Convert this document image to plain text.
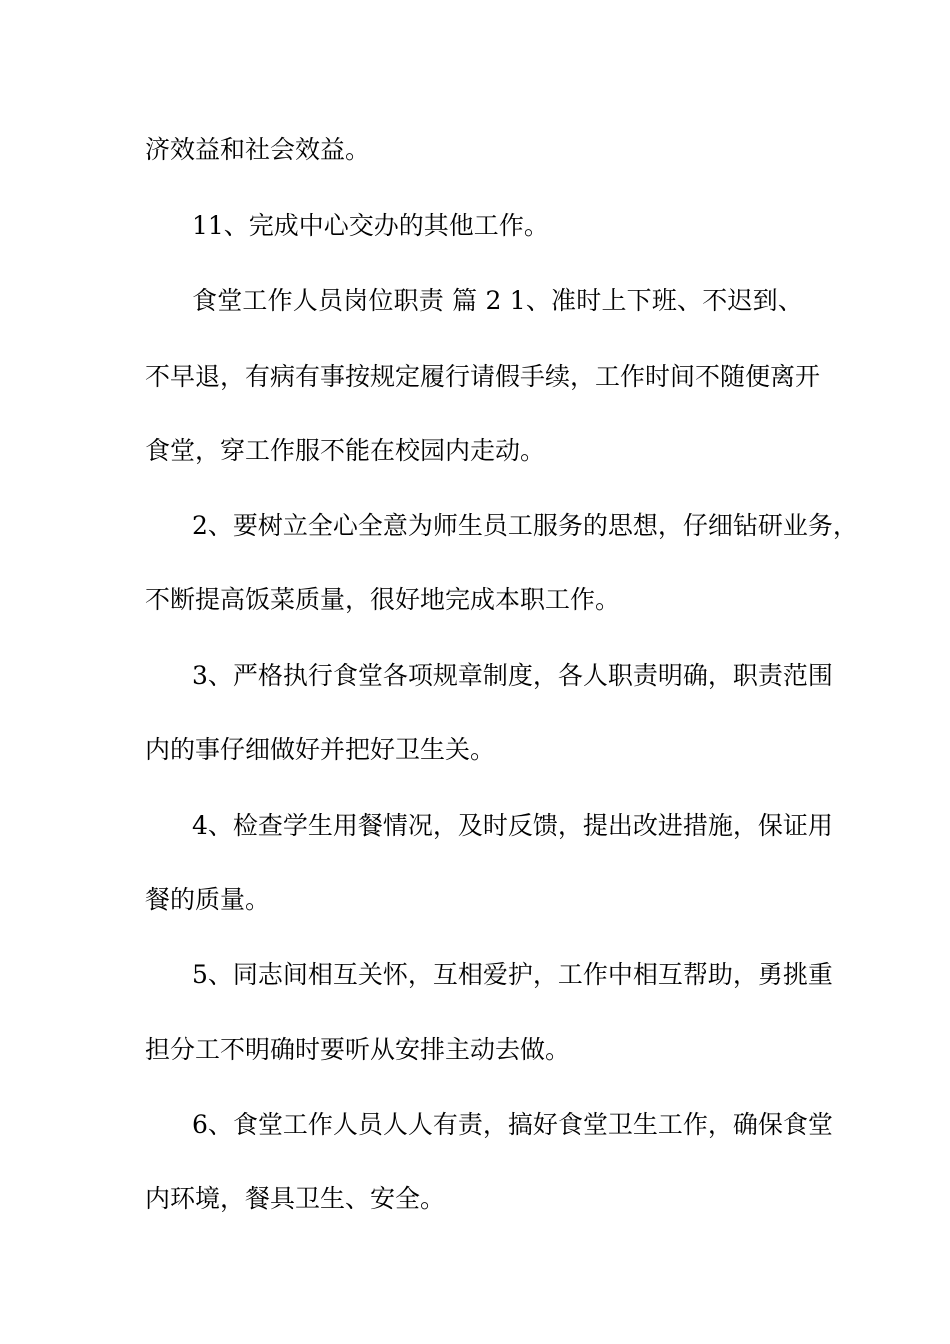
济效益和社会效益。
11、完成中心交办的其他工作。
食堂工作人员岗位职责 篇 2 1、准时上下班、不迟到、
不早退，有病有事按规定履行请假手续，工作时间不随便离开
食堂，穿工作服不能在校园内走动。
2、要树立全心全意为师生员工服务的思想，仔细钻研业务，
不断提高饭菜质量，很好地完成本职工作。
3、严格执行食堂各项规章制度，各人职责明确，职责范围
内的事仔细做好并把好卫生关。
4、检查学生用餐情况，及时反馈，提出改进措施，保证用
餐的质量。
5、同志间相互关怀，互相爱护，工作中相互帮助，勇挑重
担分工不明确时要听从安排主动去做。
6、食堂工作人员人人有责，搞好食堂卫生工作，确保食堂
内环境，餐具卫生、安全。
